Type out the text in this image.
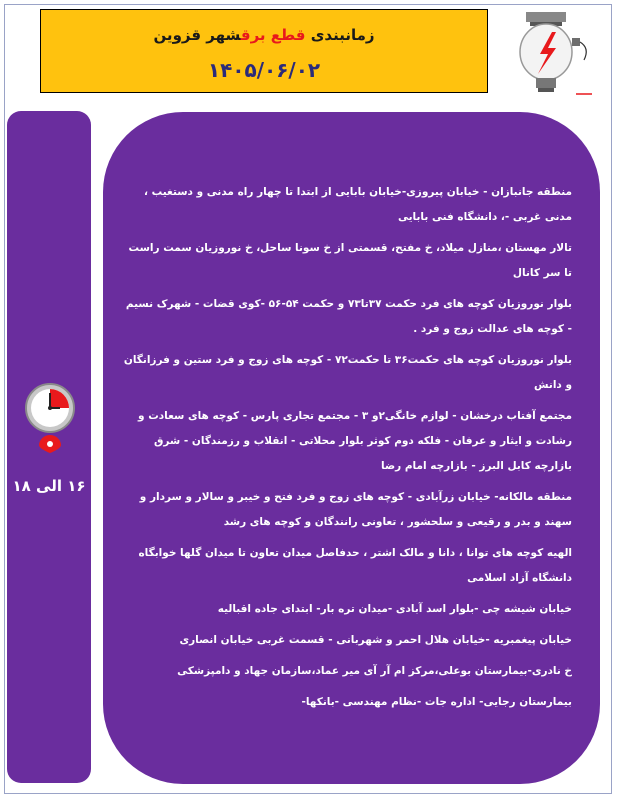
زمانبندی قطع برقشهر قزوین
۱۴۰۵/۰۶/۰۲
۱۶ الی ۱۸

منطقه جانبازان - خیابان پیروزی-خیابان بابایی از ابتدا تا چهار راه مدنی و دستغیب ، مدنی غربی -، دانشگاه فنی بابایی

تالار مهستان ،منازل میلاد، خ مفتح، قسمتی از خ سونا ساحل، خ نوروزیان سمت راست تا سر کانال

بلوار نوروزیان کوچه های فرد حکمت ۳۷تا۷۳ و حکمت ۵۴-۵۶ -کوی قضات - شهرک نسیم - کوچه های عدالت زوج و فرد .

بلوار نوروزیان کوچه های حکمت۳۶ تا حکمت۷۲ - کوچه های زوج و فرد ستین و فرزانگان و دانش

مجتمع آفتاب درخشان - لوازم خانگی۲و ۳ - مجتمع تجاری پارس - کوچه های سعادت و رشادت و ایثار و عرفان - فلکه دوم کوثر بلوار محلاتی - انقلاب و رزمندگان - شرق بازارچه کابل البرز - بازارچه امام رضا

منطقه مالکانه- خیابان زرآبادی - کوچه های زوج و فرد فتح و خیبر و سالار و سردار و سهند و بدر و رقیعی و سلحشور ، تعاونی رانندگان و کوچه های رشد

الهیه کوچه های توانا ، دانا و مالک اشتر ، حدفاصل میدان تعاون تا میدان گلها خوابگاه دانشگاه آزاد اسلامی

خیابان شیشه چی -بلوار اسد آبادی -میدان تره بار- ابتدای جاده اقبالیه

خیابان پیغمبریه -خیابان هلال احمر و شهربانی - قسمت غربی خیابان انصاری

خ نادری-بیمارستان بوعلی،مرکز ام آر آی میر عماد،سازمان جهاد و دامپزشکی

بیمارستان رجایی- اداره جات -نظام مهندسی -بانکها-
